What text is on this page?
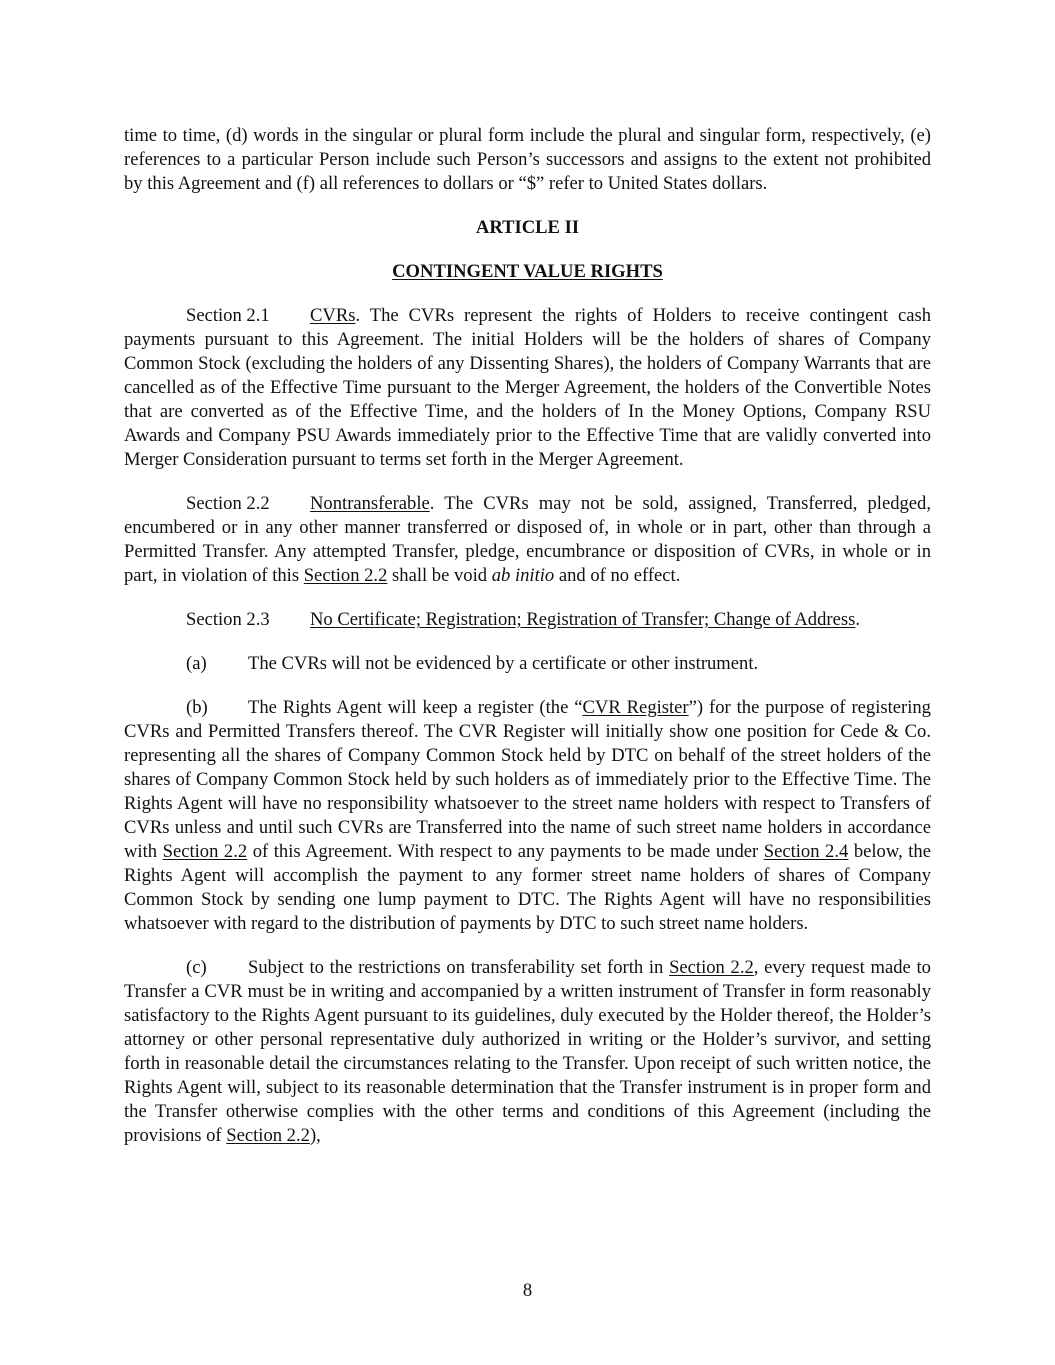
time to time, (d) words in the singular or plural form include the plural and singular form, respectively, (e) references to a particular Person include such Person’s successors and assigns to the extent not prohibited by this Agreement and (f) all references to dollars or “$” refer to United States dollars.

ARTICLE II

CONTINGENT VALUE RIGHTS

Section 2.1 CVRs. The CVRs represent the rights of Holders to receive contingent cash payments pursuant to this Agreement. The initial Holders will be the holders of shares of Company Common Stock (excluding the holders of any Dissenting Shares), the holders of Company Warrants that are cancelled as of the Effective Time pursuant to the Merger Agreement, the holders of the Convertible Notes that are converted as of the Effective Time, and the holders of In the Money Options, Company RSU Awards and Company PSU Awards immediately prior to the Effective Time that are validly converted into Merger Consideration pursuant to terms set forth in the Merger Agreement.

Section 2.2 Nontransferable. The CVRs may not be sold, assigned, Transferred, pledged, encumbered or in any other manner transferred or disposed of, in whole or in part, other than through a Permitted Transfer. Any attempted Transfer, pledge, encumbrance or disposition of CVRs, in whole or in part, in violation of this Section 2.2 shall be void ab initio and of no effect.

Section 2.3 No Certificate; Registration; Registration of Transfer; Change of Address.

(a) The CVRs will not be evidenced by a certificate or other instrument.

(b) The Rights Agent will keep a register (the “CVR Register”) for the purpose of registering CVRs and Permitted Transfers thereof. The CVR Register will initially show one position for Cede & Co. representing all the shares of Company Common Stock held by DTC on behalf of the street holders of the shares of Company Common Stock held by such holders as of immediately prior to the Effective Time. The Rights Agent will have no responsibility whatsoever to the street name holders with respect to Transfers of CVRs unless and until such CVRs are Transferred into the name of such street name holders in accordance with Section 2.2 of this Agreement. With respect to any payments to be made under Section 2.4 below, the Rights Agent will accomplish the payment to any former street name holders of shares of Company Common Stock by sending one lump payment to DTC. The Rights Agent will have no responsibilities whatsoever with regard to the distribution of payments by DTC to such street name holders.

(c) Subject to the restrictions on transferability set forth in Section 2.2, every request made to Transfer a CVR must be in writing and accompanied by a written instrument of Transfer in form reasonably satisfactory to the Rights Agent pursuant to its guidelines, duly executed by the Holder thereof, the Holder’s attorney or other personal representative duly authorized in writing or the Holder’s survivor, and setting forth in reasonable detail the circumstances relating to the Transfer. Upon receipt of such written notice, the Rights Agent will, subject to its reasonable determination that the Transfer instrument is in proper form and the Transfer otherwise complies with the other terms and conditions of this Agreement (including the provisions of Section 2.2),

8
